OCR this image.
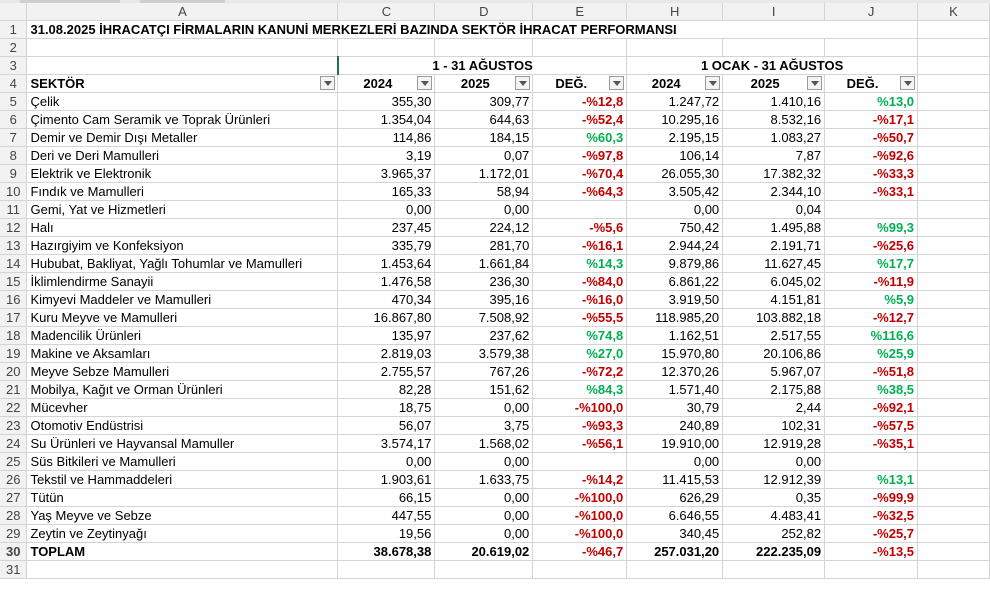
	A	C	D	E	H	I	J	K
1	31.08.2025 İHRACATÇI FİRMALARIN KANUNİ MERKEZLERİ BAZINDA SEKTÖR İHRACAT PERFORMANSI							
2								
3		1 - 31 AĞUSTOS			1 OCAK - 31 AĞUSTOS			
4	SEKTÖR	2024	2025	DEĞ.	2024	2025	DEĞ.

5	Çelik	355,30	309,77	-%12,8	1.247,72	1.410,16	%13,0	
6	Çimento Cam Seramik ve Toprak Ürünleri	1.354,04	644,63	-%52,4	10.295,16	8.532,16	-%17,1	
7	Demir ve Demir Dışı Metaller	114,86	184,15	%60,3	2.195,15	1.083,27	-%50,7	
8	Deri ve Deri Mamulleri	3,19	0,07	-%97,8	106,14	7,87	-%92,6	
9	Elektrik ve Elektronik	3.965,37	1.172,01	-%70,4	26.055,30	17.382,32	-%33,3	
10	Fındık ve Mamulleri	165,33	58,94	-%64,3	3.505,42	2.344,10	-%33,1	
11	Gemi, Yat ve Hizmetleri	0,00	0,00		0,00	0,04		
12	Halı	237,45	224,12	-%5,6	750,42	1.495,88	%99,3	
13	Hazırgiyim ve Konfeksiyon	335,79	281,70	-%16,1	2.944,24	2.191,71	-%25,6	
14	Hububat, Bakliyat, Yağlı Tohumlar ve Mamulleri	1.453,64	1.661,84	%14,3	9.879,86	11.627,45	%17,7	
15	İklimlendirme Sanayii	1.476,58	236,30	-%84,0	6.861,22	6.045,02	-%11,9	
16	Kimyevi Maddeler ve Mamulleri	470,34	395,16	-%16,0	3.919,50	4.151,81	%5,9	
17	Kuru Meyve ve Mamulleri	16.867,80	7.508,92	-%55,5	118.985,20	103.882,18	-%12,7	
18	Madencilik Ürünleri	135,97	237,62	%74,8	1.162,51	2.517,55	%116,6	
19	Makine ve Aksamları	2.819,03	3.579,38	%27,0	15.970,80	20.106,86	%25,9	
20	Meyve Sebze Mamulleri	2.755,57	767,26	-%72,2	12.370,26	5.967,07	-%51,8	
21	Mobilya, Kağıt ve Orman Ürünleri	82,28	151,62	%84,3	1.571,40	2.175,88	%38,5	
22	Mücevher	18,75	0,00	-%100,0	30,79	2,44	-%92,1	
23	Otomotiv Endüstrisi	56,07	3,75	-%93,3	240,89	102,31	-%57,5	
24	Su Ürünleri ve Hayvansal Mamuller	3.574,17	1.568,02	-%56,1	19.910,00	12.919,28	-%35,1	
25	Süs Bitkileri ve Mamulleri	0,00	0,00		0,00	0,00		
26	Tekstil ve Hammaddeleri	1.903,61	1.633,75	-%14,2	11.415,53	12.912,39	%13,1	
27	Tütün	66,15	0,00	-%100,0	626,29	0,35	-%99,9	
28	Yaş Meyve ve Sebze	447,55	0,00	-%100,0	6.646,55	4.483,41	-%32,5	
29	Zeytin ve Zeytinyağı	19,56	0,00	-%100,0	340,45	252,82	-%25,7	
30	TOPLAM	38.678,38	20.619,02	-%46,7	257.031,20	222.235,09	-%13,5	
31								
